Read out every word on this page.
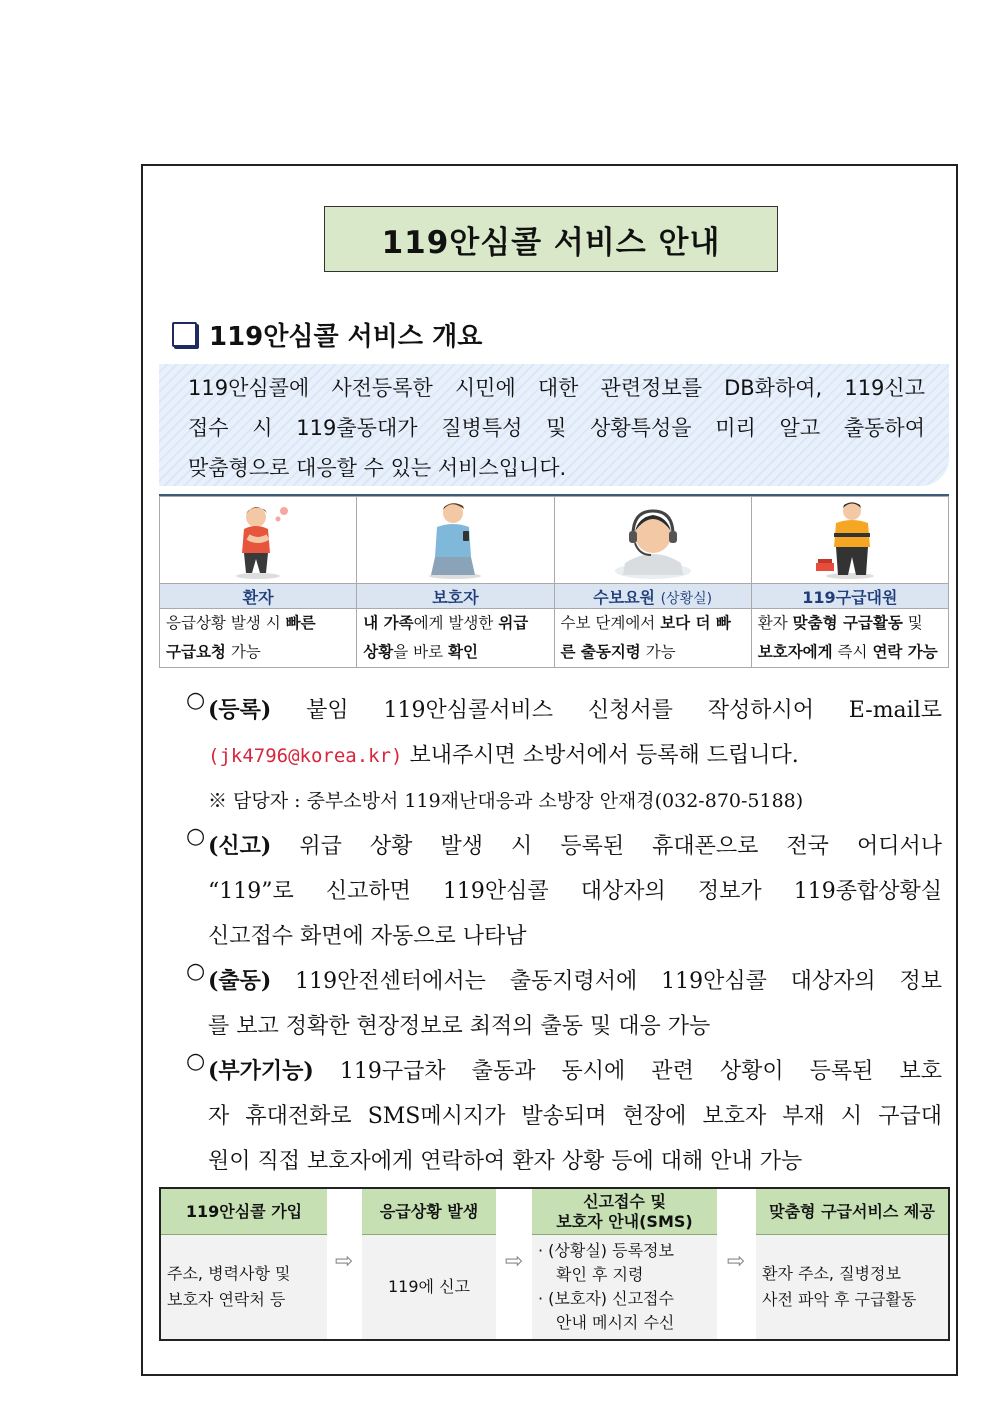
119안심콜 서비스 안내
119안심콜 서비스 개요

119안심콜에 사전등록한 시민에 대한 관련정보를 DB화하여, 119신고

접수 시 119출동대가 질병특성 및 상황특성을 미리 알고 출동하여

맞춤형으로 대응할 수 있는 서비스입니다.

환자	보호자	수보요원 (상황실)	119구급대원
응급상황 발생 시 빠른
구급요청 가능	내 가족에게 발생한 위급 상황을 바로 확인	수보 단계에서 보다 더 빠른 출동지령 가능	환자 맞춤형 구급활동 및 보호자에게 즉시 연락 가능
○ (등록) 붙임 119안심콜서비스 신청서를 작성하시어 E-mail로

(jk4796@korea.kr) 보내주시면 소방서에서 등록해 드립니다.

※ 담당자 : 중부소방서 119재난대응과 소방장 안재경(032-870-5188)

○ (신고) 위급 상황 발생 시 등록된 휴대폰으로 전국 어디서나

“119”로 신고하면 119안심콜 대상자의 정보가 119종합상황실

신고접수 화면에 자동으로 나타남

○ (출동) 119안전센터에서는 출동지령서에 119안심콜 대상자의 정보

를 보고 정확한 현장정보로 최적의 출동 및 대응 가능

○ (부가기능) 119구급차 출동과 동시에 관련 상황이 등록된 보호

자 휴대전화로 SMS메시지가 발송되며 현장에 보호자 부재 시 구급대

원이 직접 보호자에게 연락하여 환자 상황 등에 대해 안내 가능

119안심콜 가입
주소, 병력사항 및
보호자 연락처 등
⇨
응급상황 발생
119에 신고
⇨
신고접수 및
보호자 안내(SMS)
· (상황실) 등록정보
확인 후 지령
· (보호자) 신고접수
안내 메시지 수신
⇨
맞춤형 구급서비스 제공
환자 주소, 질병정보
사전 파악 후 구급활동
